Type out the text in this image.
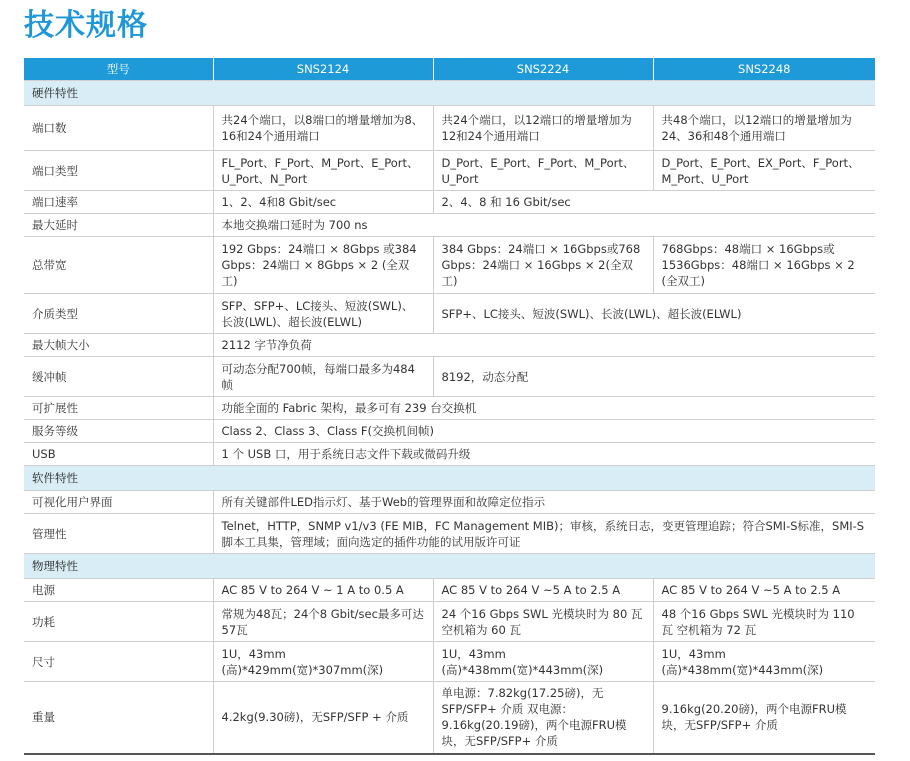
技术规格
型号	SNS2124	SNS2224	SNS2248
硬件特性			
端口数	共24个端口，以8端口的增量增加为8、16和24个通用端口	共24个端口，以12端口的增量增加为12和24个通用端口	共48个端口，以12端口的增量增加为24、36和48个通用端口
端口类型	FL_Port、F_Port、M_Port、E_Port、U_Port、N_Port	D_Port、E_Port、F_Port、M_Port、U_Port	D_Port、E_Port、EX_Port、F_Port、M_Port、U_Port
端口速率	1、2、4和8 Gbit/sec	2、4、8 和 16 Gbit/sec	
最大延时	本地交换端口延时为 700 ns		
总带宽	192 Gbps：24端口 × 8Gbps 或384 Gbps：24端口 × 8Gbps × 2 (全双工)	384 Gbps：24端口 × 16Gbps或768 Gbps：24端口 × 16Gbps × 2(全双工)	768Gbps：48端口 × 16Gbps或 1536Gbps：48端口 × 16Gbps × 2 (全双工)
介质类型	SFP、SFP+、LC接头、短波(SWL)、长波(LWL)、超长波(ELWL)	SFP+、LC接头、短波(SWL)、长波(LWL)、超长波(ELWL)	
最大帧大小	2112 字节净负荷		
缓冲帧	可动态分配700帧，每端口最多为484帧	8192，动态分配	
可扩展性	功能全面的 Fabric 架构，最多可有 239 台交换机		
服务等级	Class 2、Class 3、Class F(交换机间帧)		
USB	1 个 USB 口，用于系统日志文件下载或微码升级		
软件特性			
可视化用户界面	所有关键部件LED指示灯、基于Web的管理界面和故障定位指示		
管理性	Telnet，HTTP，SNMP v1/v3 (FE MIB，FC Management MIB)；审核，系统日志，变更管理追踪；符合SMI-S标准，SMI-S脚本工具集，管理域；面向选定的插件功能的试用版许可证		
物理特性			
电源	AC 85 V to 264 V ~ 1 A to 0.5 A	AC 85 V to 264 V ~5 A to 2.5 A	AC 85 V to 264 V ~5 A to 2.5 A
功耗	常规为48瓦；24个8 Gbit/sec最多可达57瓦	24 个16 Gbps SWL 光模块时为 80 瓦 空机箱为 60 瓦	48 个16 Gbps SWL 光模块时为 110 瓦 空机箱为 72 瓦
尺寸	1U，43mm (高)*429mm(宽)*307mm(深)	1U，43mm (高)*438mm(宽)*443mm(深)	1U，43mm (高)*438mm(宽)*443mm(深)
重量	4.2kg(9.30磅)，无SFP/SFP + 介质	单电源：7.82kg(17.25磅)，无SFP/SFP+ 介质 双电源：9.16kg(20.19磅)，两个电源FRU模块，无SFP/SFP+ 介质	9.16kg(20.20磅)，两个电源FRU模块，无SFP/SFP+ 介质
